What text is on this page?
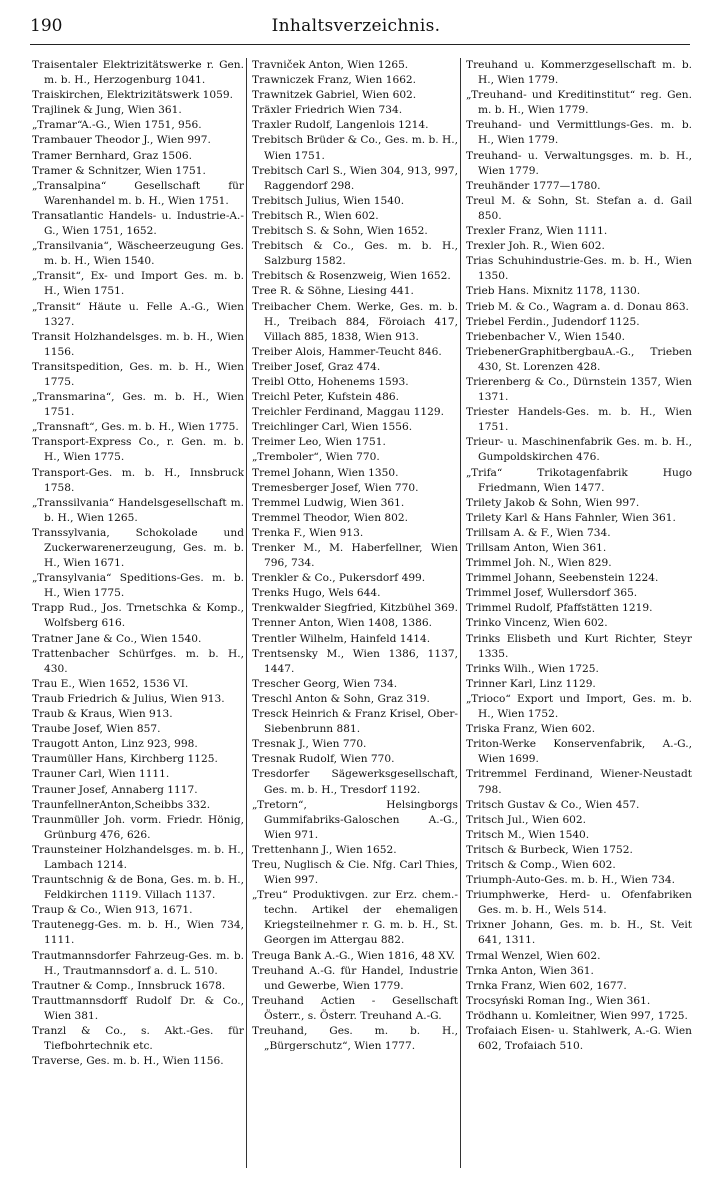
190	Inhaltsverzeichnis.
Traisentaler Elektrizitätswerke r. Gen. m. b. H., Herzogenburg 1041.
Traiskirchen, Elektrizitätswerk 1059.
Trajlinek & Jung, Wien 361.
„Tramar“A.-G., Wien 1751, 956.
Trambauer Theodor J., Wien 997.
Tramer Bernhard, Graz 1506.
Tramer & Schnitzer, Wien 1751.
„Transalpina“ Gesellschaft für Warenhandel m. b. H., Wien 1751.
Transatlantic Handels- u. Industrie-A.-G., Wien 1751, 1652.
„Transilvania“, Wäscheerzeugung Ges. m. b. H., Wien 1540.
„Transit“, Ex- und Import Ges. m. b. H., Wien 1751.
„Transit“ Häute u. Felle A.-G., Wien 1327.
Transit Holzhandelsges. m. b. H., Wien 1156.
Transitspedition, Ges. m. b. H., Wien 1775.
„Transmarina“, Ges. m. b. H., Wien 1751.
„Transnaft“, Ges. m. b. H., Wien 1775.
Transport-Express Co., r. Gen. m. b. H., Wien 1775.
Transport-Ges. m. b. H., Innsbruck 1758.
„Transsilvania“ Handelsgesellschaft m. b. H., Wien 1265.
Transsylvania, Schokolade und Zuckerwarenerzeugung, Ges. m. b. H., Wien 1671.
„Transylvania“ Speditions-Ges. m. b. H., Wien 1775.
Trapp Rud., Jos. Trnetschka & Komp., Wolfsberg 616.
Tratner Jane & Co., Wien 1540.
Trattenbacher Schürfges. m. b. H., 430.
Trau E., Wien 1652, 1536 VI.
Traub Friedrich & Julius, Wien 913.
Traub & Kraus, Wien 913.
Traube Josef, Wien 857.
Traugott Anton, Linz 923, 998.
Traumüller Hans, Kirchberg 1125.
Trauner Carl, Wien 1111.
Trauner Josef, Annaberg 1117.
TraunfellnerAnton,Scheibbs 332.
Traunmüller Joh. vorm. Friedr. Hönig, Grünburg 476, 626.
Traunsteiner Holzhandelsges. m. b. H., Lambach 1214.
Trauntschnig & de Bona, Ges. m. b. H., Feldkirchen 1119. Villach 1137.
Traup & Co., Wien 913, 1671.
Trautenegg-Ges. m. b. H., Wien 734, 1111.
Trautmannsdorfer Fahrzeug-Ges. m. b. H., Trautmannsdorf a. d. L. 510.
Trautner & Comp., Innsbruck 1678.
Trauttmannsdorff Rudolf Dr. & Co., Wien 381.
Tranzl & Co., s. Akt.-Ges. für Tiefbohrtechnik etc.
Traverse, Ges. m. b. H., Wien 1156.
Travniček Anton, Wien 1265.
Trawniczek Franz, Wien 1662.
Trawnitzek Gabriel, Wien 602.
Träxler Friedrich Wien 734.
Traxler Rudolf, Langenlois 1214.
Trebitsch Brüder & Co., Ges. m. b. H., Wien 1751.
Trebitsch Carl S., Wien 304, 913, 997, Raggendorf 298.
Trebitsch Julius, Wien 1540.
Trebitsch R., Wien 602.
Trebitsch S. & Sohn, Wien 1652.
Trebitsch & Co., Ges. m. b. H., Salzburg 1582.
Trebitsch & Rosenzweig, Wien 1652.
Tree R. & Söhne, Liesing 441.
Treibacher Chem. Werke, Ges. m. b. H., Treibach 884, Föroiach 417, Villach 885, 1838, Wien 913.
Treiber Alois, Hammer-Teucht 846.
Treiber Josef, Graz 474.
Treibl Otto, Hohenems 1593.
Treichl Peter, Kufstein 486.
Treichler Ferdinand, Maggau 1129.
Treichlinger Carl, Wien 1556.
Treimer Leo, Wien 1751.
„Tremboler“, Wien 770.
Tremel Johann, Wien 1350.
Tremesberger Josef, Wien 770.
Tremmel Ludwig, Wien 361.
Tremmel Theodor, Wien 802.
Trenka F., Wien 913.
Trenker M., M. Haberfellner, Wien 796, 734.
Trenkler & Co., Pukersdorf 499.
Trenks Hugo, Wels 644.
Trenkwalder Siegfried, Kitzbühel 369.
Trenner Anton, Wien 1408, 1386.
Trentler Wilhelm, Hainfeld 1414.
Trentsensky M., Wien 1386, 1137, 1447.
Trescher Georg, Wien 734.
Treschl Anton & Sohn, Graz 319.
Tresck Heinrich & Franz Krisel, Ober-Siebenbrunn 881.
Tresnak J., Wien 770.
Tresnak Rudolf, Wien 770.
Tresdorfer Sägewerksgesellschaft, Ges. m. b. H., Tresdorf 1192.
„Tretorn“, Helsingborgs Gummifabriks-Galoschen A.-G., Wien 971.
Trettenhann J., Wien 1652.
Treu, Nuglisch & Cie. Nfg. Carl Thies, Wien 997.
„Treu“ Produktivgen. zur Erz. chem.-techn. Artikel der ehemaligen Kriegsteilnehmer r. G. m. b. H., St. Georgen im Attergau 882.
Treuga Bank A.-G., Wien 1816, 48 XV.
Treuhand A.-G. für Handel, Industrie und Gewerbe, Wien 1779.
Treuhand Actien - Gesellschaft Österr., s. Österr. Treuhand A.-G.
Treuhand, Ges. m. b. H., „Bürgerschutz“, Wien 1777.
Treuhand u. Kommerzgesellschaft m. b. H., Wien 1779.
„Treuhand- und Kreditinstitut“ reg. Gen. m. b. H., Wien 1779.
Treuhand- und Vermittlungs-Ges. m. b. H., Wien 1779.
Treuhand- u. Verwaltungsges. m. b. H., Wien 1779.
Treuhänder 1777—1780.
Treul M. & Sohn, St. Stefan a. d. Gail 850.
Trexler Franz, Wien 1111.
Trexler Joh. R., Wien 602.
Trias Schuhindustrie-Ges. m. b. H., Wien 1350.
Trieb Hans. Mixnitz 1178, 1130.
Trieb M. & Co., Wagram a. d. Donau 863.
Triebel Ferdin., Judendorf 1125.
Triebenbacher V., Wien 1540.
TriebenerGraphitbergbauA.-G., Trieben 430, St. Lorenzen 428.
Trierenberg & Co., Dürnstein 1357, Wien 1371.
Triester Handels-Ges. m. b. H., Wien 1751.
Trieur- u. Maschinenfabrik Ges. m. b. H., Gumpoldskirchen 476.
„Trifa“ Trikotagenfabrik Hugo Friedmann, Wien 1477.
Trilety Jakob & Sohn, Wien 997.
Trilety Karl & Hans Fahnler, Wien 361.
Trillsam A. & F., Wien 734.
Trillsam Anton, Wien 361.
Trimmel Joh. N., Wien 829.
Trimmel Johann, Seebenstein 1224.
Trimmel Josef, Wullersdorf 365.
Trimmel Rudolf, Pfaffstätten 1219.
Trinko Vincenz, Wien 602.
Trinks Elisbeth und Kurt Richter, Steyr 1335.
Trinks Wilh., Wien 1725.
Trinner Karl, Linz 1129.
„Trioco“ Export und Import, Ges. m. b. H., Wien 1752.
Triska Franz, Wien 602.
Triton-Werke Konservenfabrik, A.-G., Wien 1699.
Tritremmel Ferdinand, Wiener-Neustadt 798.
Tritsch Gustav & Co., Wien 457.
Tritsch Jul., Wien 602.
Tritsch M., Wien 1540.
Tritsch & Burbeck, Wien 1752.
Tritsch & Comp., Wien 602.
Triumph-Auto-Ges. m. b. H., Wien 734.
Triumphwerke, Herd- u. Ofenfabriken Ges. m. b. H., Wels 514.
Trixner Johann, Ges. m. b. H., St. Veit 641, 1311.
Trmal Wenzel, Wien 602.
Trnka Anton, Wien 361.
Trnka Franz, Wien 602, 1677.
Trocsyński Roman Ing., Wien 361.
Trödhann u. Komleitner, Wien 997, 1725.
Trofaiach Eisen- u. Stahlwerk, A.-G. Wien 602, Trofaiach 510.
